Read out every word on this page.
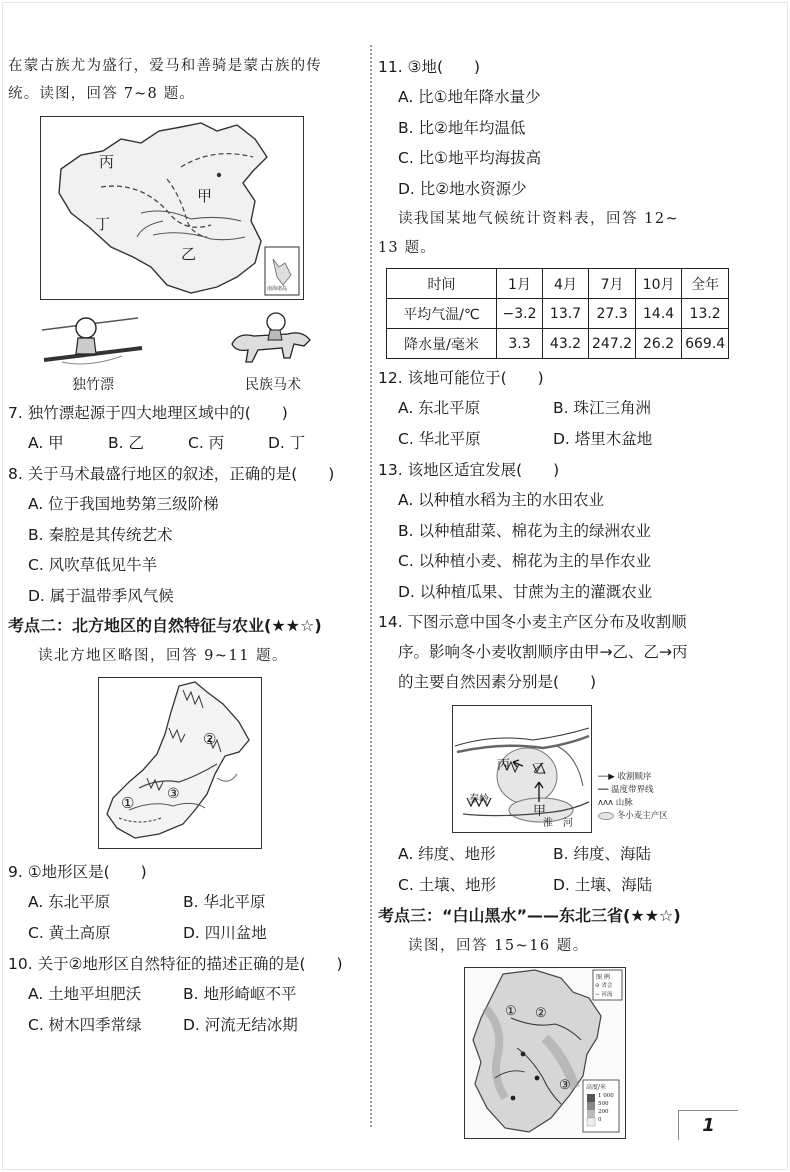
在蒙古族尤为盛行，爱马和善骑是蒙古族的传
统。读图，回答 7~8 题。
丙
甲
丁
乙
南海诸岛
独竹漂	民族马术
7. 独竹漂起源于四大地理区域中的(　　)
A. 甲	B. 乙	C. 丙	D. 丁
8. 关于马术最盛行地区的叙述，正确的是(　　)
A. 位于我国地势第三级阶梯
B. 秦腔是其传统艺术
C. 风吹草低见牛羊
D. 属于温带季风气候
考点二：北方地区的自然特征与农业(★★☆)
读北方地区略图，回答 9~11 题。
①
②
③
9. ①地形区是(　　)
A. 东北平原	B. 华北平原
C. 黄土高原	D. 四川盆地
10. 关于②地形区自然特征的描述正确的是(　　)
A. 土地平坦肥沃	B. 地形崎岖不平
C. 树木四季常绿	D. 河流无结冰期
11. ③地(　　)
A. 比①地年降水量少
B. 比②地年均温低
C. 比①地平均海拔高
D. 比②地水资源少
读我国某地气候统计资料表，回答 12~
13 题。
时间	1月	4月	7月	10月	全年
平均气温/℃	−3.2	13.7	27.3	14.4	13.2
降水量/毫米	3.3	43.2	247.2	26.2	669.4
12. 该地可能位于(　　)
A. 东北平原	B. 珠江三角洲
C. 华北平原	D. 塔里木盆地
13. 该地区适宜发展(　　)
A. 以种植水稻为主的水田农业
B. 以种植甜菜、棉花为主的绿洲农业
C. 以种植小麦、棉花为主的旱作农业
D. 以种植瓜果、甘蔗为主的灌溉农业
14. 下图示意中国冬小麦主产区分布及收割顺
序。影响冬小麦收割顺序由甲→乙、乙→丙
的主要自然因素分别是(　　)
丙 乙
甲
秦岭
淮　河
──▶ 收割顺序
━━ 温度带界线
ʌʌʌ 山脉
冬小麦主产区
A. 纬度、地形	B. 纬度、海陆
C. 土壤、地形	D. 土壤、海陆
考点三：“白山黑水”——东北三省(★★☆)
读图，回答 15~16 题。
图 例
⊙ 省会
∼ 河流
高度/米
1 000
500
200
0
① ②
③
1
